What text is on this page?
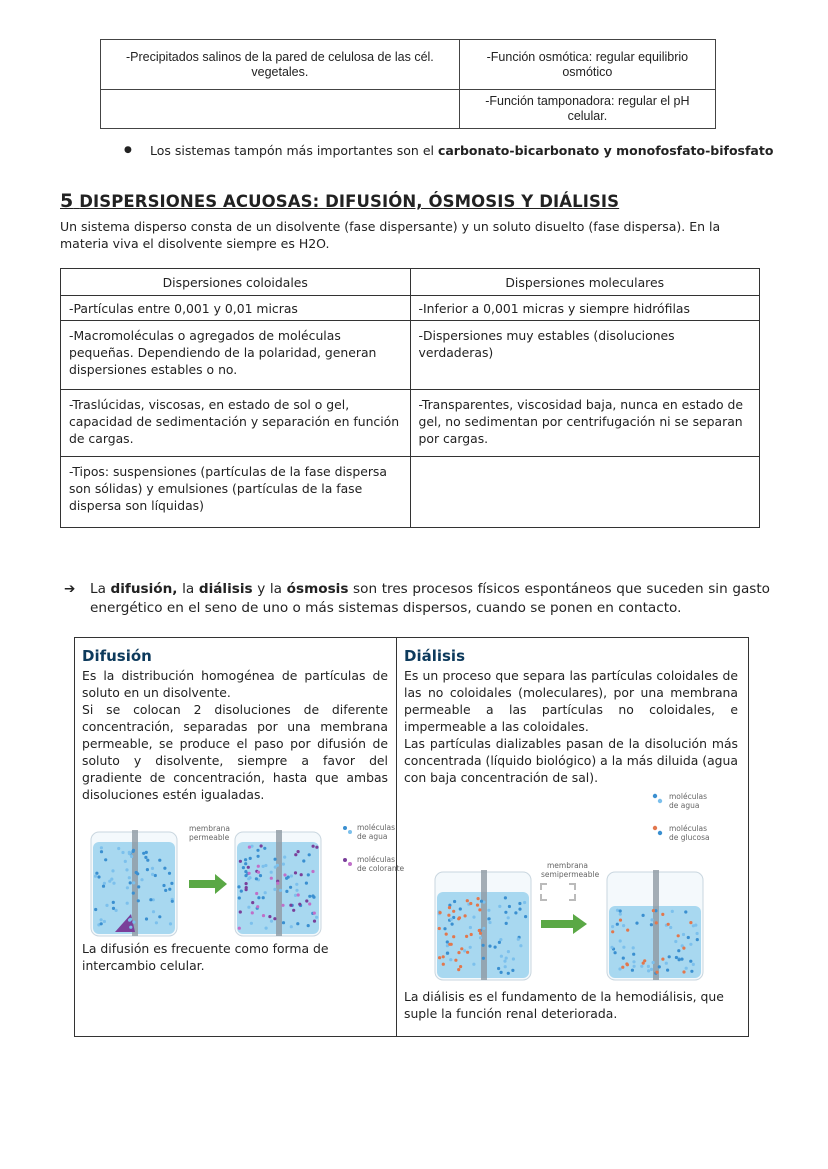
-Precipitados salinos de la pared de celulosa de las cél. vegetales.	-Función osmótica: regular equilibrio osmótico
	-Función tamponadora: regular el pH celular.
● Los sistemas tampón más importantes son el carbonato-bicarbonato y monofosfato-bifosfato
5 DISPERSIONES ACUOSAS: DIFUSIÓN, ÓSMOSIS Y DIÁLISIS
Un sistema disperso consta de un disolvente (fase dispersante) y un soluto disuelto (fase dispersa). En la materia viva el disolvente siempre es H2O.
Dispersiones coloidales	Dispersiones moleculares
-Partículas entre 0,001 y 0,01 micras	-Inferior a 0,001 micras y siempre hidrófilas
-Macromoléculas o agregados de moléculas pequeñas. Dependiendo de la polaridad, generan dispersiones estables o no.	-Dispersiones muy estables (disoluciones verdaderas)
-Traslúcidas, viscosas, en estado de sol o gel, capacidad de sedimentación y separación en función de cargas.	-Transparentes, viscosidad baja, nunca en estado de gel, no sedimentan por centrifugación ni se separan por cargas.
-Tipos: suspensiones (partículas de la fase dispersa son sólidas) y emulsiones (partículas de la fase dispersa son líquidas)	
➔ La difusión, la diálisis y la ósmosis son tres procesos físicos espontáneos que suceden sin gasto energético en el seno de uno o más sistemas dispersos, cuando se ponen en contacto.
Difusión
Es la distribución homogénea de partículas de soluto en un disolvente.
Si se colocan 2 disoluciones de diferente concentración, separadas por una membrana permeable, se produce el paso por difusión de soluto y disolvente, siempre a favor del gradiente de concentración, hasta que ambas disoluciones estén igualadas.
membrana
permeable
moléculas
de agua
moléculas
de colorante
La difusión es frecuente como forma de intercambio celular.
Diálisis
Es un proceso que separa las partículas coloidales de las no coloidales (moleculares), por una membrana permeable a las partículas no coloidales, e impermeable a las coloidales.
Las partículas dializables pasan de la disolución más concentrada (líquido biológico) a la más diluida (agua con baja concentración de sal).
moléculas
de agua
moléculas
de glucosa
membrana
semipermeable
La diálisis es el fundamento de la hemodiálisis, que suple la función renal deteriorada.
